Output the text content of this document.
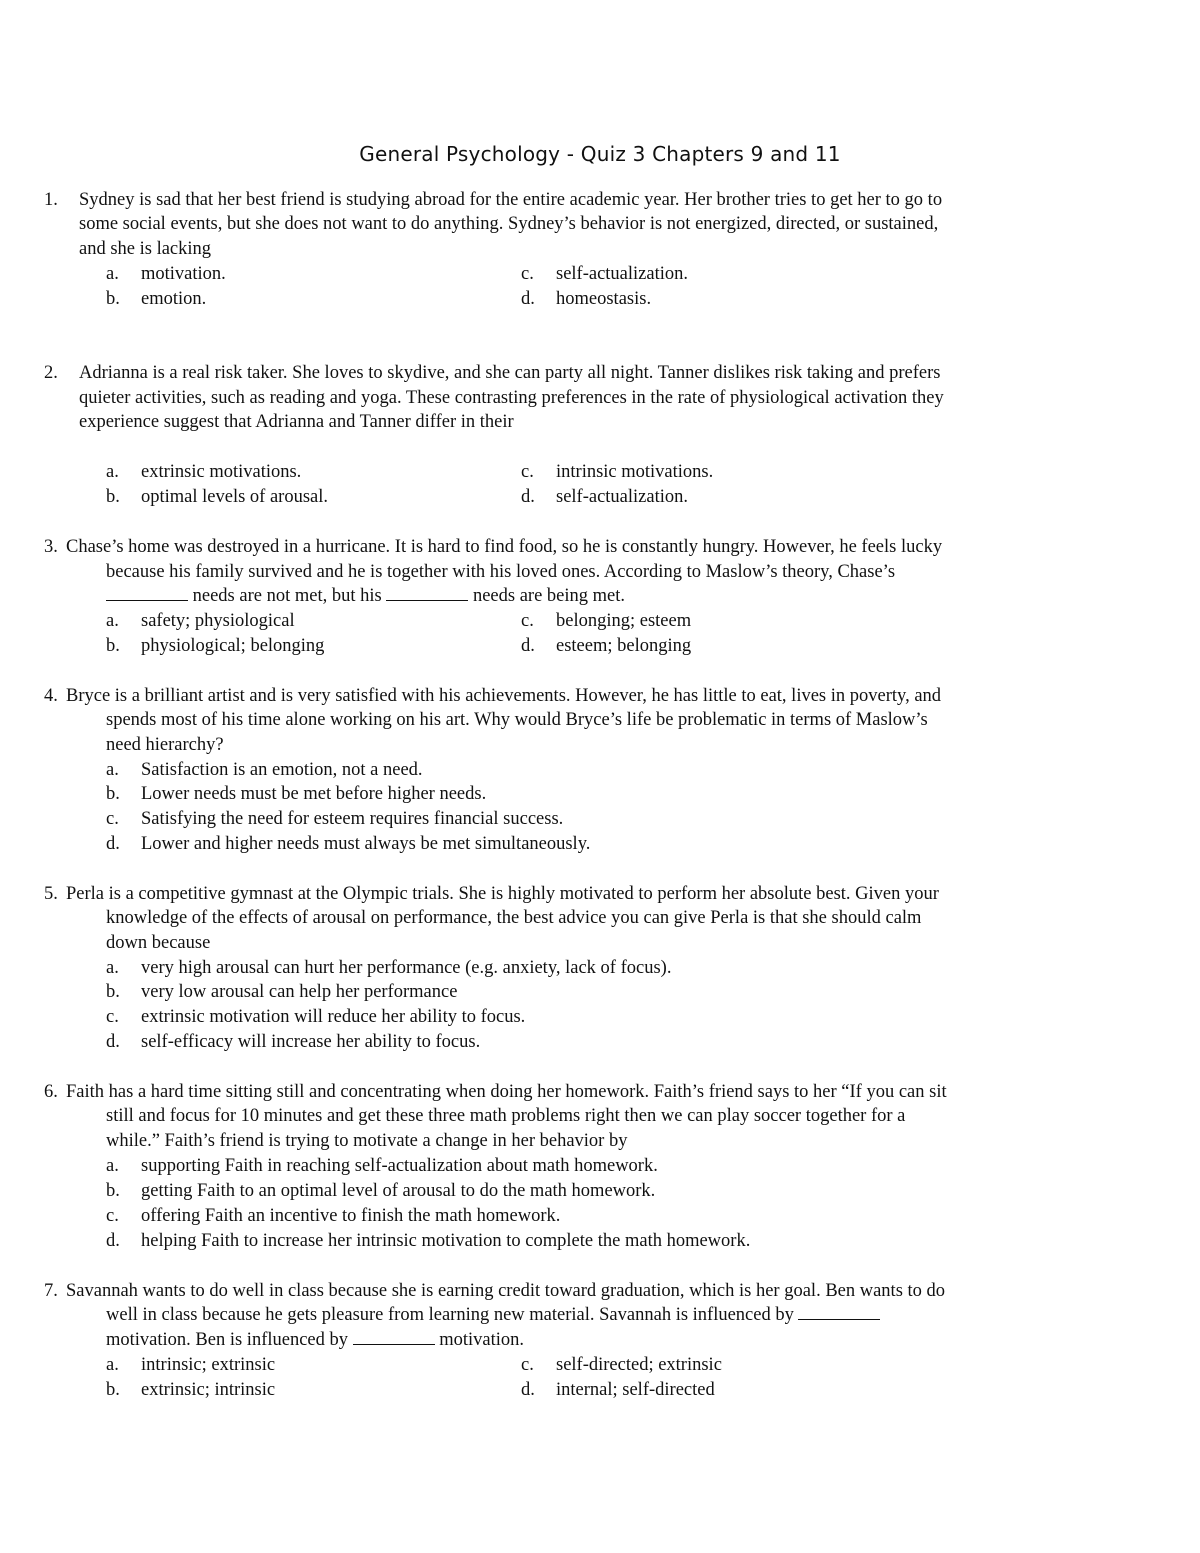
General Psychology - Quiz 3 Chapters 9 and 11
1. Sydney is sad that her best friend is studying abroad for the entire academic year. Her brother tries to get her to go to
some social events, but she does not want to do anything. Sydney’s behavior is not energized, directed, or sustained,
and she is lacking
a. motivation.	c. self-actualization.
b. emotion.	d. homeostasis.
2. Adrianna is a real risk taker. She loves to skydive, and she can party all night. Tanner dislikes risk taking and prefers
quieter activities, such as reading and yoga. These contrasting preferences in the rate of physiological activation they
experience suggest that Adrianna and Tanner differ in their
a. extrinsic motivations.	c. intrinsic motivations.
b. optimal levels of arousal.	d. self-actualization.
3. Chase’s home was destroyed in a hurricane. It is hard to find food, so he is constantly hungry. However, he feels lucky
because his family survived and he is together with his loved ones. According to Maslow’s theory, Chase’s
needs are not met, but his	needs are being met.
a. safety; physiological	c. belonging; esteem
b. physiological; belonging	d. esteem; belonging
4. Bryce is a brilliant artist and is very satisfied with his achievements. However, he has little to eat, lives in poverty, and
spends most of his time alone working on his art. Why would Bryce’s life be problematic in terms of Maslow’s
need hierarchy?
a. Satisfaction is an emotion, not a need.
b. Lower needs must be met before higher needs.
c. Satisfying the need for esteem requires financial success.
d. Lower and higher needs must always be met simultaneously.
5. Perla is a competitive gymnast at the Olympic trials. She is highly motivated to perform her absolute best. Given your
knowledge of the effects of arousal on performance, the best advice you can give Perla is that she should calm
down because
a. very high arousal can hurt her performance (e.g. anxiety, lack of focus).
b. very low arousal can help her performance
c. extrinsic motivation will reduce her ability to focus.
d. self-efficacy will increase her ability to focus.
6. Faith has a hard time sitting still and concentrating when doing her homework. Faith’s friend says to her “If you can sit
still and focus for 10 minutes and get these three math problems right then we can play soccer together for a
while.” Faith’s friend is trying to motivate a change in her behavior by
a. supporting Faith in reaching self-actualization about math homework.
b. getting Faith to an optimal level of arousal to do the math homework.
c. offering Faith an incentive to finish the math homework.
d. helping Faith to increase her intrinsic motivation to complete the math homework.
7. Savannah wants to do well in class because she is earning credit toward graduation, which is her goal. Ben wants to do
well in class because he gets pleasure from learning new material. Savannah is influenced by
motivation. Ben is influenced by	motivation.
a. intrinsic; extrinsic	c. self-directed; extrinsic
b. extrinsic; intrinsic	d. internal; self-directed
